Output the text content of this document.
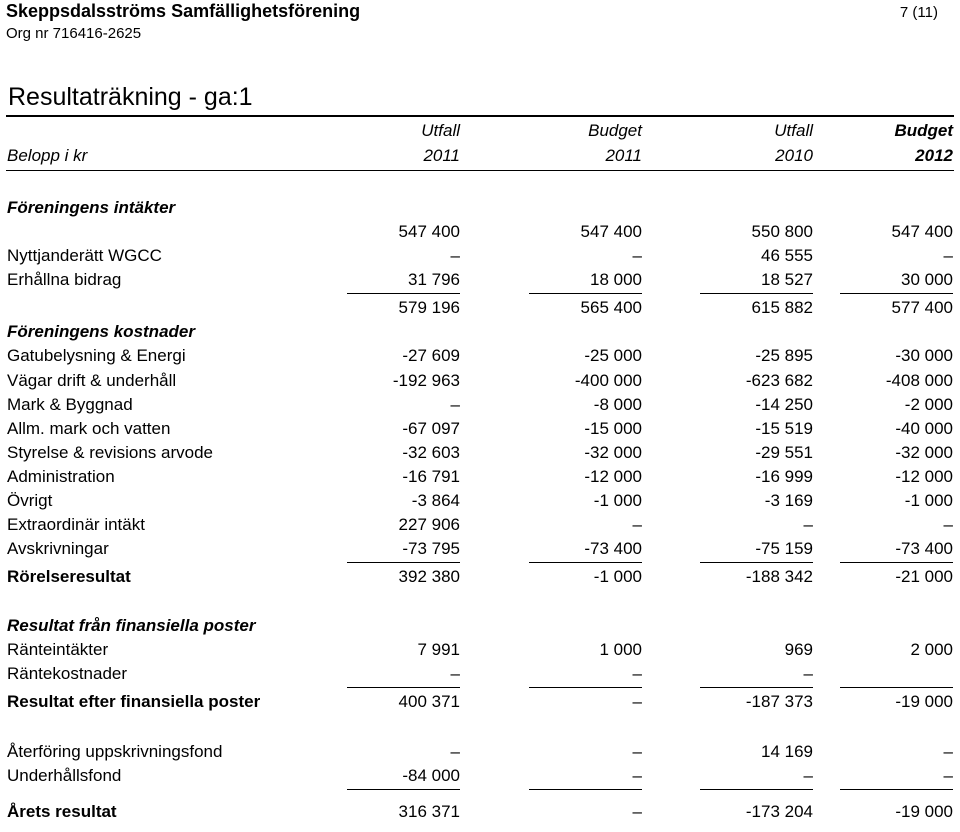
Skeppsdalsströms Samfällighetsförening
Org nr 716416-2625
7 (11)
Resultaträkning - ga:1
Utfall	Budget	Utfall	Budget
Belopp i kr	2011	2011	2010	2012
Föreningens intäkter
547 400	547 400	550 800	547 400
Nyttjanderätt WGCC	–	–	46 555	–
Erhållna bidrag	31 796	18 000	18 527	30 000
579 196	565 400	615 882	577 400
Föreningens kostnader
Gatubelysning & Energi	-27 609	-25 000	-25 895	-30 000
Vägar drift & underhåll	-192 963	-400 000	-623 682	-408 000
Mark & Byggnad	–	-8 000	-14 250	-2 000
Allm. mark och vatten	-67 097	-15 000	-15 519	-40 000
Styrelse & revisions arvode	-32 603	-32 000	-29 551	-32 000
Administration	-16 791	-12 000	-16 999	-12 000
Övrigt	-3 864	-1 000	-3 169	-1 000
Extraordinär intäkt	227 906	–	–	–
Avskrivningar	-73 795	-73 400	-75 159	-73 400
Rörelseresultat	392 380	-1 000	-188 342	-21 000
Resultat från finansiella poster
Ränteintäkter	7 991	1 000	969	2 000
Räntekostnader	–	–	–
Resultat efter finansiella poster	400 371	–	-187 373	-19 000
Återföring uppskrivningsfond	–	–	14 169	–
Underhållsfond	-84 000	–	–	–
Årets resultat	316 371	–	-173 204	-19 000
